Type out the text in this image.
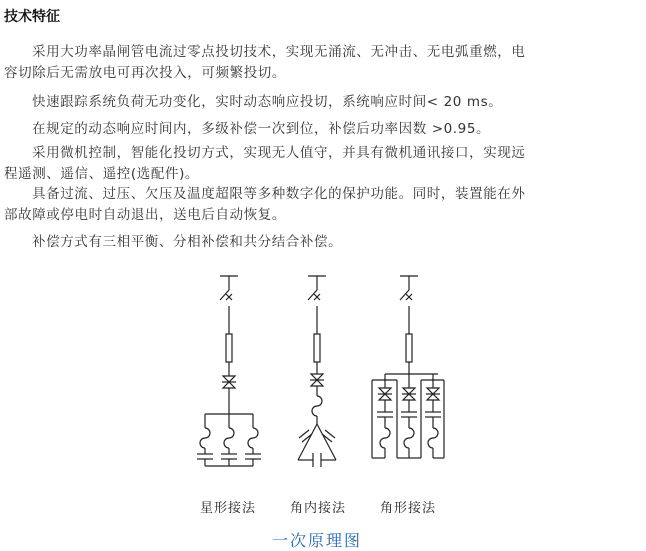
技术特征
采用大功率晶闸管电流过零点投切技术，实现无涌流、无冲击、无电弧重燃，电
容切除后无需放电可再次投入，可频繁投切。
快速跟踪系统负荷无功变化，实时动态响应投切，系统响应时间< 20 ms。
在规定的动态响应时间内，多级补偿一次到位，补偿后功率因数 >0.95。
采用微机控制，智能化投切方式，实现无人值守，并具有微机通讯接口，实现远
程遥测、遥信、遥控(选配件)。
具备过流、过压、欠压及温度超限等多种数字化的保护功能。同时，装置能在外
部故障或停电时自动退出，送电后自动恢复。
补偿方式有三相平衡、分相补偿和共分结合补偿。
星形接法	角内接法	角形接法
一次原理图
